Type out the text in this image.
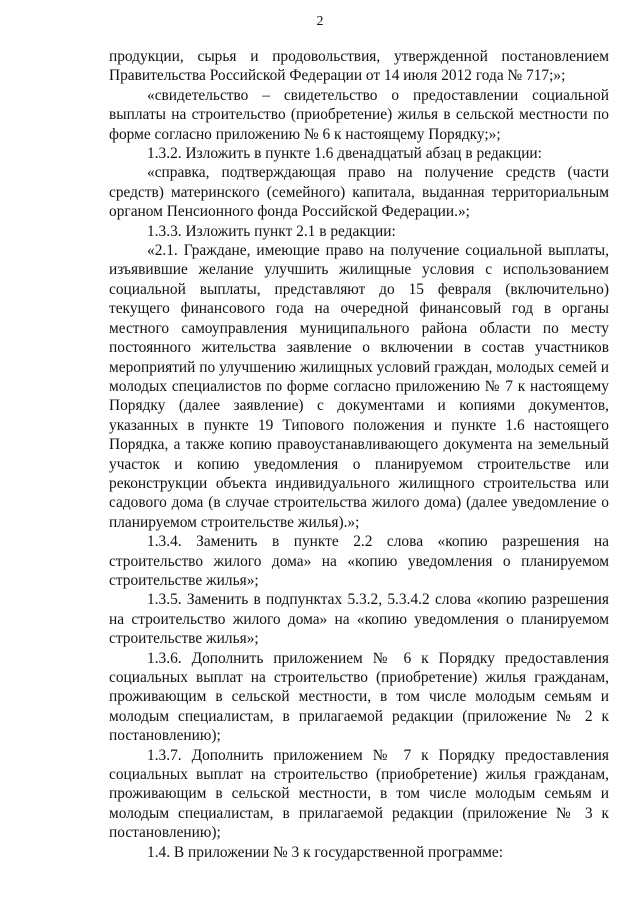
2

продукции, сырья и продовольствия, утвержденной постановлением Правительства Российской Федерации от 14 июля 2012 года № 717;»;

«свидетельство – свидетельство о предоставлении социальной выплаты на строительство (приобретение) жилья в сельской местности по форме согласно приложению № 6 к настоящему Порядку;»;

1.3.2. Изложить в пункте 1.6 двенадцатый абзац в редакции:

«справка, подтверждающая право на получение средств (части средств) материнского (семейного) капитала, выданная территориальным органом Пенсионного фонда Российской Федерации.»;

1.3.3. Изложить пункт 2.1 в редакции:

«2.1. Граждане, имеющие право на получение социальной выплаты, изъявившие желание улучшить жилищные условия с использованием социальной выплаты, представляют до 15 февраля (включительно) текущего финансового года на очередной финансовый год в органы местного самоуправления муниципального района области по месту постоянного жительства заявление о включении в состав участников мероприятий по улучшению жилищных условий граждан, молодых семей и молодых специалистов по форме согласно приложению № 7 к настоящему Порядку (далее заявление) с документами и копиями документов, указанных в пункте 19 Типового положения и пункте 1.6 настоящего Порядка, а также копию правоустанавливающего документа на земельный участок и копию уведомления о планируемом строительстве или реконструкции объекта индивидуального жилищного строительства или садового дома (в случае строительства жилого дома) (далее уведомление о планируемом строительстве жилья).»;

1.3.4. Заменить в пункте 2.2 слова «копию разрешения на строительство жилого дома» на «копию уведомления о планируемом строительстве жилья»;

1.3.5. Заменить в подпунктах 5.3.2, 5.3.4.2 слова «копию разрешения на строительство жилого дома» на «копию уведомления о планируемом строительстве жилья»;

1.3.6. Дополнить приложением № 6 к Порядку предоставления социальных выплат на строительство (приобретение) жилья гражданам, проживающим в сельской местности, в том числе молодым семьям и молодым специалистам, в прилагаемой редакции (приложение № 2 к постановлению);

1.3.7. Дополнить приложением № 7 к Порядку предоставления социальных выплат на строительство (приобретение) жилья гражданам, проживающим в сельской местности, в том числе молодым семьям и молодым специалистам, в прилагаемой редакции (приложение № 3 к постановлению);

1.4. В приложении № 3 к государственной программе:
